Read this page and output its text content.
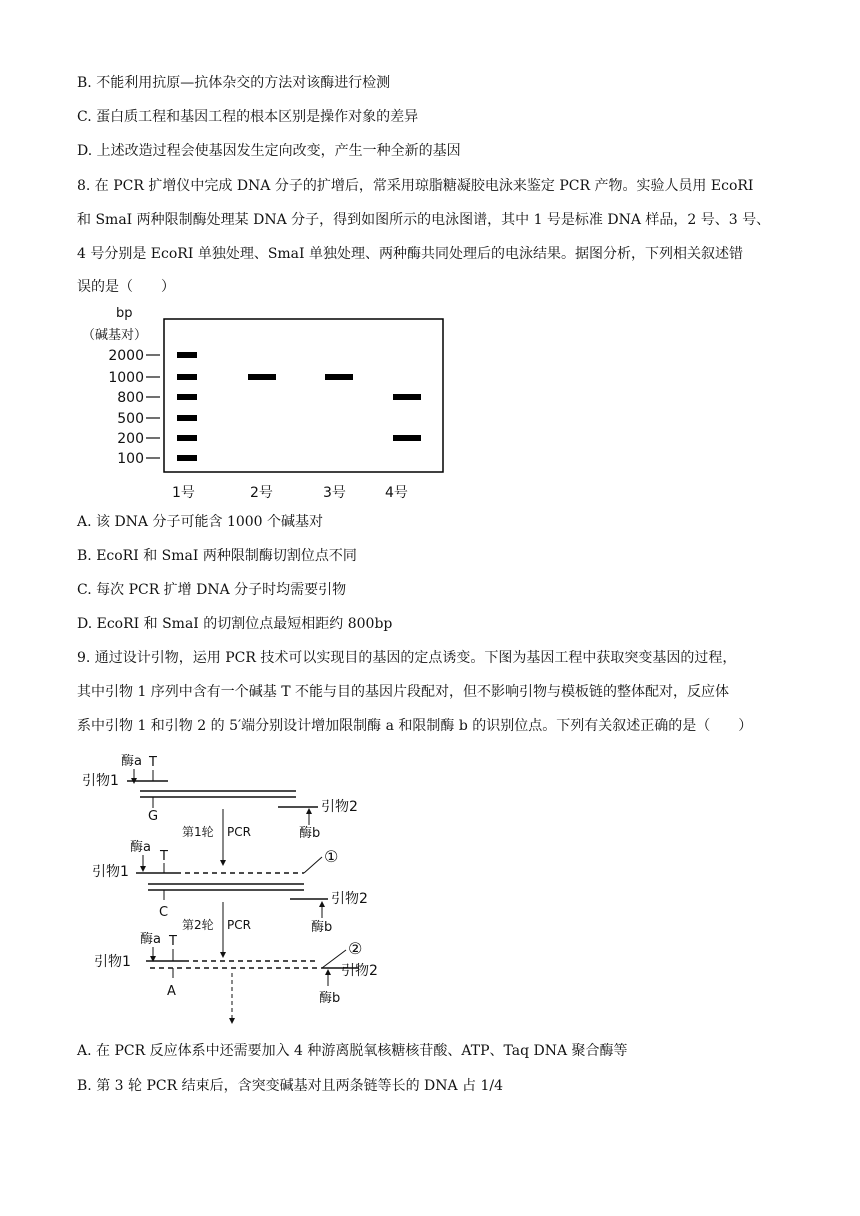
B. 不能利用抗原—抗体杂交的方法对该酶进行检测
C. 蛋白质工程和基因工程的根本区别是操作对象的差异
D. 上述改造过程会使基因发生定向改变，产生一种全新的基因
8. 在 PCR 扩增仪中完成 DNA 分子的扩增后，常采用琼脂糖凝胶电泳来鉴定 PCR 产物。实验人员用 EcoRI
和 SmaI 两种限制酶处理某 DNA 分子，得到如图所示的电泳图谱，其中 1 号是标准 DNA 样品，2 号、3 号、
4 号分别是 EcoRI 单独处理、SmaI 单独处理、两种酶共同处理后的电泳结果。据图分析，下列相关叙述错
误的是（　　）
bp
（碱基对）
2000
1000
800
500
200
100
1号	2号	3号	4号
A. 该 DNA 分子可能含 1000 个碱基对
B. EcoRI 和 SmaI 两种限制酶切割位点不同
C. 每次 PCR 扩增 DNA 分子时均需要引物
D. EcoRI 和 SmaI 的切割位点最短相距约 800bp
9. 通过设计引物，运用 PCR 技术可以实现目的基因的定点诱变。下图为基因工程中获取突变基因的过程，
其中引物 1 序列中含有一个碱基 T 不能与目的基因片段配对，但不影响引物与模板链的整体配对，反应体
系中引物 1 和引物 2 的 5′端分别设计增加限制酶 a 和限制酶 b 的识别位点。下列有关叙述正确的是（　　）
酶a T
引物1
G
引物2
酶b
第1轮 PCR
酶a
T
引物1
①
C
引物2
酶b
第2轮 PCR
酶a T
引物1
②
A
引物2
酶b
A. 在 PCR 反应体系中还需要加入 4 种游离脱氧核糖核苷酸、ATP、Taq DNA 聚合酶等
B. 第 3 轮 PCR 结束后，含突变碱基对且两条链等长的 DNA 占 1/4
